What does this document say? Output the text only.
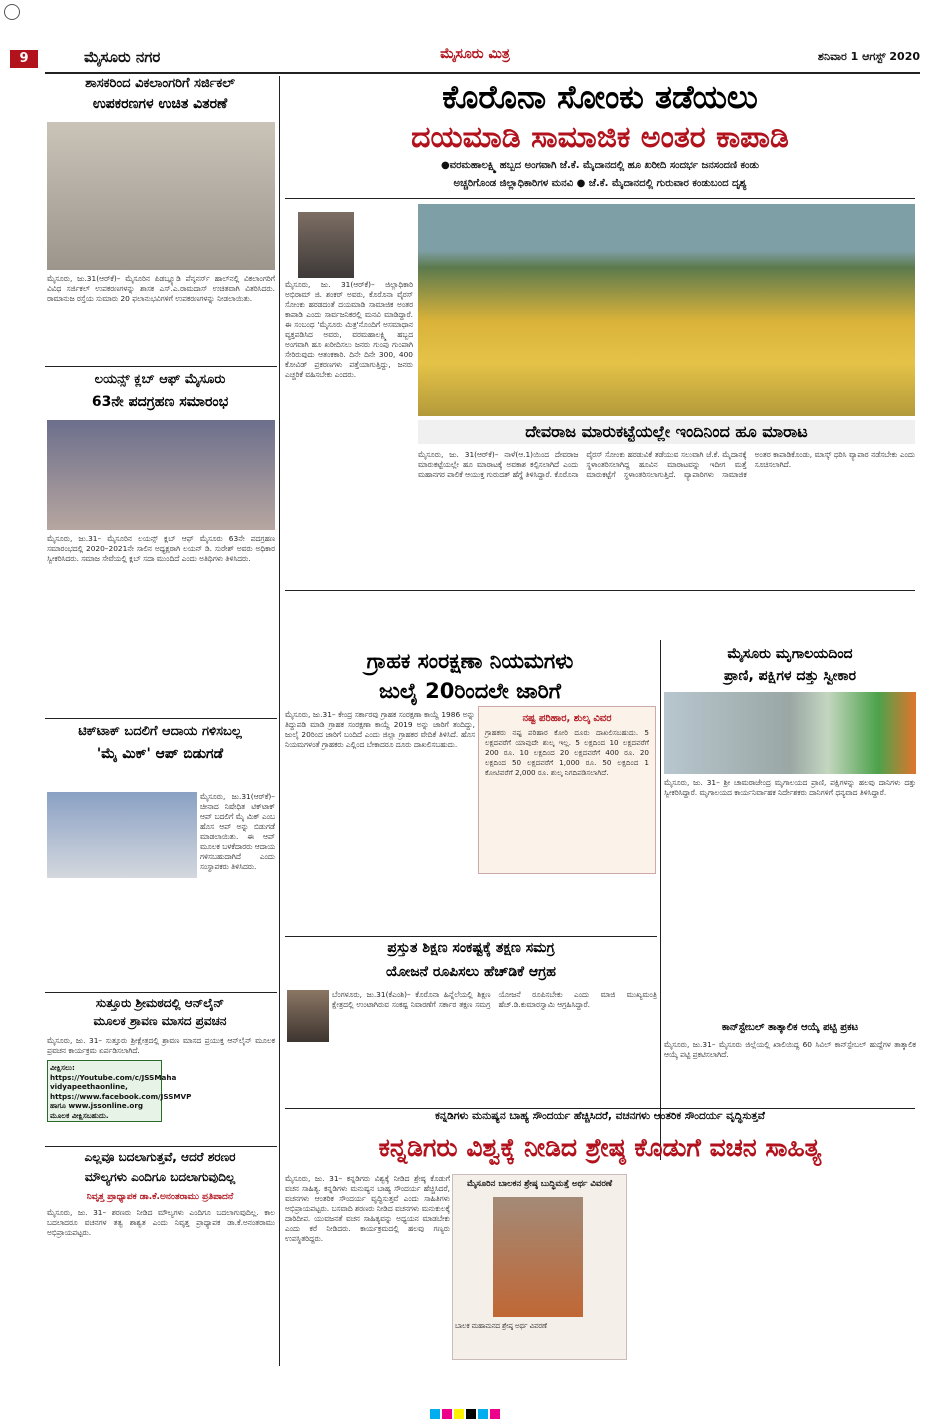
9	ಮೈಸೂರು ನಗರ	ಮೈಸೂರು ಮಿತ್ರ	ಶನಿವಾರ 1 ಆಗಸ್ಟ್ 2020
ಶಾಸಕರಿಂದ ವಿಕಲಾಂಗರಿಗೆ ಸರ್ಜಿಕಲ್
ಉಪಕರಣಗಳ ಉಚಿತ ವಿತರಣೆ
ಮೈಸೂರು, ಜು.31(ಆರ್‌ಕೆ)– ಮೈಸೂರಿನ ಪಿಡಬ್ಲ್ಯೂಡಿ ಪೆನ್ಶನರ್ಸ್ ಹಾಲ್‌ನಲ್ಲಿ ವಿಕಲಾಂಗರಿಗೆ ವಿವಿಧ ಸರ್ಜಿಕಲ್ ಉಪಕರಣಗಳನ್ನು ಶಾಸಕ ಎಸ್.ಎ.ರಾಮದಾಸ್ ಉಚಿತವಾಗಿ ವಿತರಿಸಿದರು. ರಾಮಾನುಜ ರಸ್ತೆಯ ಸುಮಾರು 20 ಫಲಾನುಭವಿಗಳಿಗೆ ಉಪಕರಣಗಳನ್ನು ನೀಡಲಾಯಿತು.
ಲಯನ್ಸ್ ಕ್ಲಬ್ ಆಫ್ ಮೈಸೂರು
63ನೇ ಪದಗ್ರಹಣ ಸಮಾರಂಭ
ಮೈಸೂರು, ಜು.31– ಮೈಸೂರಿನ ಲಯನ್ಸ್ ಕ್ಲಬ್ ಆಫ್ ಮೈಸೂರು 63ನೇ ಪದಗ್ರಹಣ ಸಮಾರಂಭದಲ್ಲಿ 2020–2021ನೇ ಸಾಲಿನ ಅಧ್ಯಕ್ಷರಾಗಿ ಲಯನ್ ಡಿ. ಸುರೇಶ್ ಅವರು ಅಧಿಕಾರ ಸ್ವೀಕರಿಸಿದರು. ಸಮಾಜ ಸೇವೆಯಲ್ಲಿ ಕ್ಲಬ್ ಸದಾ ಮುಂದಿದೆ ಎಂದು ಅತಿಥಿಗಳು ತಿಳಿಸಿದರು.
ಟಿಕ್‌ಟಾಕ್ ಬದಲಿಗೆ ಆದಾಯ ಗಳಿಸಬಲ್ಲ
'ಮೈ ಮಿಕ್' ಆಪ್ ಬಿಡುಗಡೆ
ಮೈಸೂರು, ಜು.31(ಆರ್‌ಕೆ)– ಚೀನಾದ ನಿಷೇಧಿತ ಟಿಕ್‌ಟಾಕ್ ಆಪ್ ಬದಲಿಗೆ ಮೈ ಮಿಕ್ ಎಂಬ ಹೊಸ ಆಪ್ ಅನ್ನು ಬಿಡುಗಡೆ ಮಾಡಲಾಯಿತು. ಈ ಆಪ್ ಮೂಲಕ ಬಳಕೆದಾರರು ಆದಾಯ ಗಳಿಸಬಹುದಾಗಿದೆ ಎಂದು ಸಂಸ್ಥಾಪಕರು ತಿಳಿಸಿದರು.
ಸುತ್ತೂರು ಶ್ರೀಮಠದಲ್ಲಿ ಆನ್‌ಲೈನ್
ಮೂಲಕ ಶ್ರಾವಣ ಮಾಸದ ಪ್ರವಚನ
ಮೈಸೂರು, ಜು. 31– ಸುತ್ತೂರು ಶ್ರೀಕ್ಷೇತ್ರದಲ್ಲಿ ಶ್ರಾವಣ ಮಾಸದ ಪ್ರಯುಕ್ತ ಆನ್‌ಲೈನ್ ಮೂಲಕ ಪ್ರವಚನ ಕಾರ್ಯಕ್ರಮ ಏರ್ಪಡಿಸಲಾಗಿದೆ.
ವೀಕ್ಷಿಸಲು: https://Youtube.com/c/JSSMaha vidyapeethaonline, https://www.facebook.com/JSSMVP ಹಾಗೂ www.jssonline.org ಮೂಲಕ ವೀಕ್ಷಿಸಬಹುದು.
ಎಲ್ಲವೂ ಬದಲಾಗುತ್ತವೆ, ಆದರೆ ಶರಣರ
ಮೌಲ್ಯಗಳು ಎಂದಿಗೂ ಬದಲಾಗುವುದಿಲ್ಲ
ನಿವೃತ್ತ ಪ್ರಾಧ್ಯಾಪಕ ಡಾ.ಕೆ.ಅನಂತರಾಮು ಪ್ರತಿಪಾದನೆ
ಮೈಸೂರು, ಜು. 31– ಶರಣರು ನೀಡಿದ ಮೌಲ್ಯಗಳು ಎಂದಿಗೂ ಬದಲಾಗುವುದಿಲ್ಲ. ಕಾಲ ಬದಲಾದರೂ ವಚನಗಳ ತತ್ವ ಶಾಶ್ವತ ಎಂದು ನಿವೃತ್ತ ಪ್ರಾಧ್ಯಾಪಕ ಡಾ.ಕೆ.ಅನಂತರಾಮು ಅಭಿಪ್ರಾಯಪಟ್ಟರು.
ಕೊರೊನಾ ಸೋಂಕು ತಡೆಯಲು
ದಯಮಾಡಿ ಸಾಮಾಜಿಕ ಅಂತರ ಕಾಪಾಡಿ
●ವರಮಹಾಲಕ್ಷ್ಮಿ ಹಬ್ಬದ ಅಂಗವಾಗಿ ಜೆ.ಕೆ. ಮೈದಾನದಲ್ಲಿ ಹೂ ಖರೀದಿ ಸಂದರ್ಭ ಜನಸಂದಣಿ ಕಂಡು
ಅಚ್ಚರಿಗೊಂಡ ಜಿಲ್ಲಾಧಿಕಾರಿಗಳ ಮನವಿ ● ಜೆ.ಕೆ. ಮೈದಾನದಲ್ಲಿ ಗುರುವಾರ ಕಂಡುಬಂದ ದೃಶ್ಯ
ಮೈಸೂರು, ಜು. 31(ಆರ್‌ಕೆ)– ಜಿಲ್ಲಾಧಿಕಾರಿ ಅಭಿರಾಮ್ ಜಿ. ಶಂಕರ್ ಅವರು, ಕೊರೊನಾ ವೈರಸ್ ಸೋಂಕು ಹರಡದಂತೆ ದಯಮಾಡಿ ಸಾಮಾಜಿಕ ಅಂತರ ಕಾಪಾಡಿ ಎಂದು ಸಾರ್ವಜನಿಕರಲ್ಲಿ ಮನವಿ ಮಾಡಿದ್ದಾರೆ. ಈ ಸಂಬಂಧ 'ಮೈಸೂರು ಮಿತ್ರ'ನೊಂದಿಗೆ ಅಸಮಾಧಾನ ವ್ಯಕ್ತಪಡಿಸಿದ ಅವರು, ವರಮಹಾಲಕ್ಷ್ಮಿ ಹಬ್ಬದ ಅಂಗವಾಗಿ ಹೂ ಖರೀದಿಸಲು ಜನರು ಗುಂಪು ಗುಂಪಾಗಿ ಸೇರಿರುವುದು ಆತಂಕಕಾರಿ. ದಿನೇ ದಿನೇ 300, 400 ಕೋವಿಡ್ ಪ್ರಕರಣಗಳು ಪತ್ತೆಯಾಗುತ್ತಿದ್ದು, ಜನರು ಎಚ್ಚರಿಕೆ ವಹಿಸಬೇಕು ಎಂದರು.
ದೇವರಾಜ ಮಾರುಕಟ್ಟೆಯಲ್ಲೇ ಇಂದಿನಿಂದ ಹೂ ಮಾರಾಟ
ಮೈಸೂರು, ಜು. 31(ಆರ್‌ಕೆ)– ನಾಳೆ(ಆ.1)ಯಿಂದ ದೇವರಾಜ ಮಾರುಕಟ್ಟೆಯಲ್ಲೇ ಹೂ ಮಾರಾಟಕ್ಕೆ ಅವಕಾಶ ಕಲ್ಪಿಸಲಾಗಿದೆ ಎಂದು ಮಹಾನಗರ ಪಾಲಿಕೆ ಆಯುಕ್ತ ಗುರುದತ್ ಹೆಗ್ಡೆ ತಿಳಿಸಿದ್ದಾರೆ. ಕೊರೊನಾ ವೈರಸ್ ಸೋಂಕು ಹರಡುವಿಕೆ ತಡೆಯುವ ಸಲುವಾಗಿ ಜೆ.ಕೆ. ಮೈದಾನಕ್ಕೆ ಸ್ಥಳಾಂತರಿಸಲಾಗಿದ್ದ ಹೂವಿನ ಮಾರಾಟವನ್ನು ಇದೀಗ ಮತ್ತೆ ಮಾರುಕಟ್ಟೆಗೆ ಸ್ಥಳಾಂತರಿಸಲಾಗುತ್ತಿದೆ. ವ್ಯಾಪಾರಿಗಳು ಸಾಮಾಜಿಕ ಅಂತರ ಕಾಪಾಡಿಕೊಂಡು, ಮಾಸ್ಕ್ ಧರಿಸಿ ವ್ಯಾಪಾರ ನಡೆಸಬೇಕು ಎಂದು ಸೂಚಿಸಲಾಗಿದೆ.
ಗ್ರಾಹಕ ಸಂರಕ್ಷಣಾ ನಿಯಮಗಳು
ಜುಲೈ 20ರಿಂದಲೇ ಜಾರಿಗೆ
ಮೈಸೂರು, ಜು.31– ಕೇಂದ್ರ ಸರ್ಕಾರವು ಗ್ರಾಹಕ ಸಂರಕ್ಷಣಾ ಕಾಯ್ದೆ 1986 ಅನ್ನು ತಿದ್ದುಪಡಿ ಮಾಡಿ ಗ್ರಾಹಕ ಸಂರಕ್ಷಣಾ ಕಾಯ್ದೆ 2019 ಅನ್ನು ಜಾರಿಗೆ ತಂದಿದ್ದು, ಜುಲೈ 20ರಿಂದ ಜಾರಿಗೆ ಬಂದಿದೆ ಎಂದು ಜಿಲ್ಲಾ ಗ್ರಾಹಕರ ವೇದಿಕೆ ತಿಳಿಸಿದೆ. ಹೊಸ ನಿಯಮಗಳಂತೆ ಗ್ರಾಹಕರು ಎಲ್ಲಿಂದ ಬೇಕಾದರೂ ದೂರು ದಾಖಲಿಸಬಹುದು.
ನಷ್ಟ ಪರಿಹಾರ, ಶುಲ್ಕ ವಿವರ
ಗ್ರಾಹಕರು ನಷ್ಟ ಪರಿಹಾರ ಕೋರಿ ದೂರು ದಾಖಲಿಸಬಹುದು. 5 ಲಕ್ಷದವರೆಗೆ ಯಾವುದೇ ಶುಲ್ಕ ಇಲ್ಲ. 5 ಲಕ್ಷದಿಂದ 10 ಲಕ್ಷದವರೆಗೆ 200 ರೂ. 10 ಲಕ್ಷದಿಂದ 20 ಲಕ್ಷದವರೆಗೆ 400 ರೂ. 20 ಲಕ್ಷದಿಂದ 50 ಲಕ್ಷದವರೆಗೆ 1,000 ರೂ. 50 ಲಕ್ಷದಿಂದ 1 ಕೋಟಿವರೆಗೆ 2,000 ರೂ. ಶುಲ್ಕ ನಿಗದಿಪಡಿಸಲಾಗಿದೆ.
ಮೈಸೂರು ಮೃಗಾಲಯದಿಂದ
ಪ್ರಾಣಿ, ಪಕ್ಷಿಗಳ ದತ್ತು ಸ್ವೀಕಾರ
ಮೈಸೂರು, ಜು. 31– ಶ್ರೀ ಚಾಮರಾಜೇಂದ್ರ ಮೃಗಾಲಯದ ಪ್ರಾಣಿ, ಪಕ್ಷಿಗಳನ್ನು ಹಲವು ದಾನಿಗಳು ದತ್ತು ಸ್ವೀಕರಿಸಿದ್ದಾರೆ. ಮೃಗಾಲಯದ ಕಾರ್ಯನಿರ್ವಾಹಕ ನಿರ್ದೇಶಕರು ದಾನಿಗಳಿಗೆ ಧನ್ಯವಾದ ತಿಳಿಸಿದ್ದಾರೆ.
ಕಾನ್‌ಸ್ಟೇಬಲ್ ತಾತ್ಕಾಲಿಕ ಆಯ್ಕೆ ಪಟ್ಟಿ ಪ್ರಕಟ
ಮೈಸೂರು, ಜು.31– ಮೈಸೂರು ಜಿಲ್ಲೆಯಲ್ಲಿ ಖಾಲಿಯಿದ್ದ 60 ಸಿವಿಲ್ ಕಾನ್‌ಸ್ಟೇಬಲ್ ಹುದ್ದೆಗಳ ತಾತ್ಕಾಲಿಕ ಆಯ್ಕೆ ಪಟ್ಟಿ ಪ್ರಕಟಿಸಲಾಗಿದೆ.
ಪ್ರಸ್ತುತ ಶಿಕ್ಷಣ ಸಂಕಷ್ಟಕ್ಕೆ ತಕ್ಷಣ ಸಮಗ್ರ
ಯೋಜನೆ ರೂಪಿಸಲು ಹೆಚ್‌ಡಿಕೆ ಆಗ್ರಹ
ಬೆಂಗಳೂರು, ಜು.31(ಕೆಎಂಶಿ)– ಕೊರೊನಾ ಹಿನ್ನೆಲೆಯಲ್ಲಿ ಶಿಕ್ಷಣ ಕ್ಷೇತ್ರದಲ್ಲಿ ಉಂಟಾಗಿರುವ ಸಂಕಷ್ಟ ನಿವಾರಣೆಗೆ ಸರ್ಕಾರ ತಕ್ಷಣ ಸಮಗ್ರ ಯೋಜನೆ ರೂಪಿಸಬೇಕು ಎಂದು ಮಾಜಿ ಮುಖ್ಯಮಂತ್ರಿ ಹೆಚ್.ಡಿ.ಕುಮಾರಸ್ವಾಮಿ ಆಗ್ರಹಿಸಿದ್ದಾರೆ.
ಕನ್ನಡಿಗಳು ಮನುಷ್ಯನ ಬಾಹ್ಯ ಸೌಂದರ್ಯ ಹೆಚ್ಚಿಸಿದರೆ, ವಚನಗಳು ಆಂತರಿಕ ಸೌಂದರ್ಯ ವೃದ್ಧಿಸುತ್ತವೆ
ಕನ್ನಡಿಗರು ವಿಶ್ವಕ್ಕೆ ನೀಡಿದ ಶ್ರೇಷ್ಠ ಕೊಡುಗೆ ವಚನ ಸಾಹಿತ್ಯ
ಮೈಸೂರು, ಜು. 31– ಕನ್ನಡಿಗರು ವಿಶ್ವಕ್ಕೆ ನೀಡಿದ ಶ್ರೇಷ್ಠ ಕೊಡುಗೆ ವಚನ ಸಾಹಿತ್ಯ. ಕನ್ನಡಿಗಳು ಮನುಷ್ಯನ ಬಾಹ್ಯ ಸೌಂದರ್ಯ ಹೆಚ್ಚಿಸಿದರೆ, ವಚನಗಳು ಆಂತರಿಕ ಸೌಂದರ್ಯ ವೃದ್ಧಿಸುತ್ತವೆ ಎಂದು ಸಾಹಿತಿಗಳು ಅಭಿಪ್ರಾಯಪಟ್ಟರು. ಬಸವಾದಿ ಶರಣರು ನೀಡಿದ ವಚನಗಳು ಮನುಕುಲಕ್ಕೆ ದಾರಿದೀಪ. ಯುವಜನತೆ ವಚನ ಸಾಹಿತ್ಯವನ್ನು ಅಧ್ಯಯನ ಮಾಡಬೇಕು ಎಂದು ಕರೆ ನೀಡಿದರು. ಕಾರ್ಯಕ್ರಮದಲ್ಲಿ ಹಲವು ಗಣ್ಯರು ಉಪಸ್ಥಿತರಿದ್ದರು.
ಮೈಸೂರಿನ ಬಾಲಕನ ಶ್ರೇಷ್ಠ ಬುದ್ಧಿಮತ್ತೆ ಅರ್ಥ ವಿವರಣೆ
ಬಾಲಕ ಮಹಾಮನದ ಶ್ರೇಷ್ಠ ಅರ್ಥ ವಿವರಣೆ
